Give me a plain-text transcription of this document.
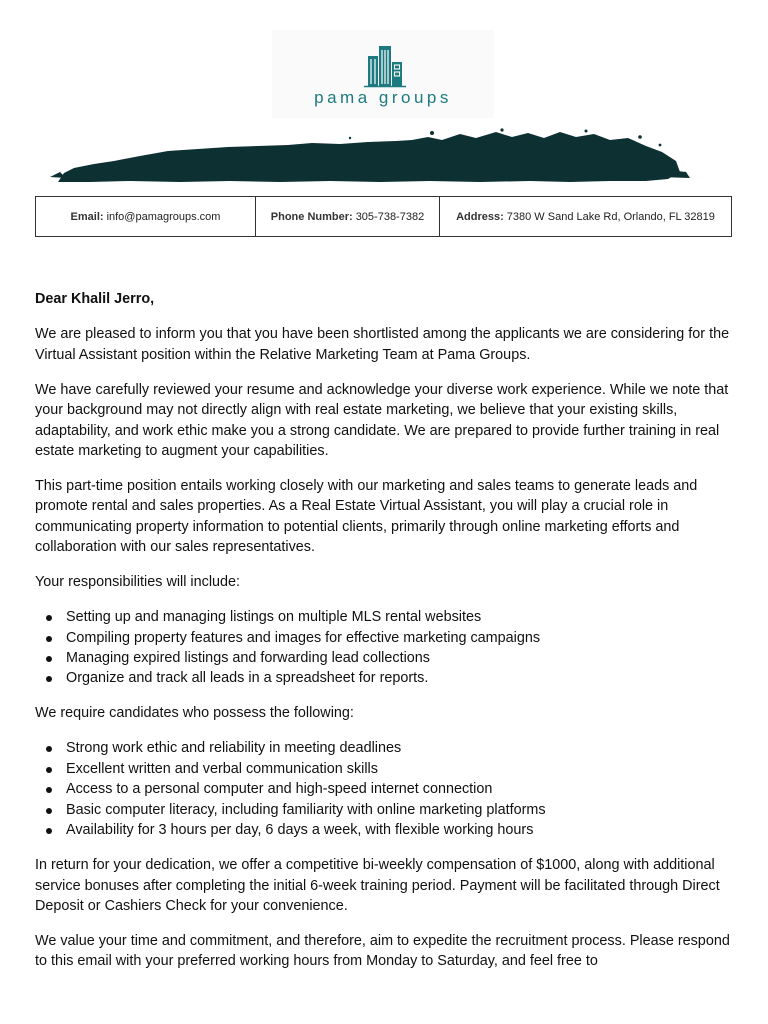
pama groups
Email: info@pamagroups.com	Phone Number: 305-738-7382	Address: 7380 W Sand Lake Rd, Orlando, FL 32819
Dear Khalil Jerro,

We are pleased to inform you that you have been shortlisted among the applicants we are considering for the Virtual Assistant position within the Relative Marketing Team at Pama Groups.

We have carefully reviewed your resume and acknowledge your diverse work experience. While we note that your background may not directly align with real estate marketing, we believe that your existing skills, adaptability, and work ethic make you a strong candidate. We are prepared to provide further training in real estate marketing to augment your capabilities.

This part-time position entails working closely with our marketing and sales teams to generate leads and promote rental and sales properties. As a Real Estate Virtual Assistant, you will play a crucial role in communicating property information to potential clients, primarily through online marketing efforts and collaboration with our sales representatives.

Your responsibilities will include:

Setting up and managing listings on multiple MLS rental websites
Compiling property features and images for effective marketing campaigns
Managing expired listings and forwarding lead collections
Organize and track all leads in a spreadsheet for reports.

We require candidates who possess the following:

Strong work ethic and reliability in meeting deadlines
Excellent written and verbal communication skills
Access to a personal computer and high-speed internet connection
Basic computer literacy, including familiarity with online marketing platforms
Availability for 3 hours per day, 6 days a week, with flexible working hours

In return for your dedication, we offer a competitive bi-weekly compensation of $1000, along with additional service bonuses after completing the initial 6-week training period. Payment will be facilitated through Direct Deposit or Cashiers Check for your convenience.

We value your time and commitment, and therefore, aim to expedite the recruitment process. Please respond to this email with your preferred working hours from Monday to Saturday, and feel free to
